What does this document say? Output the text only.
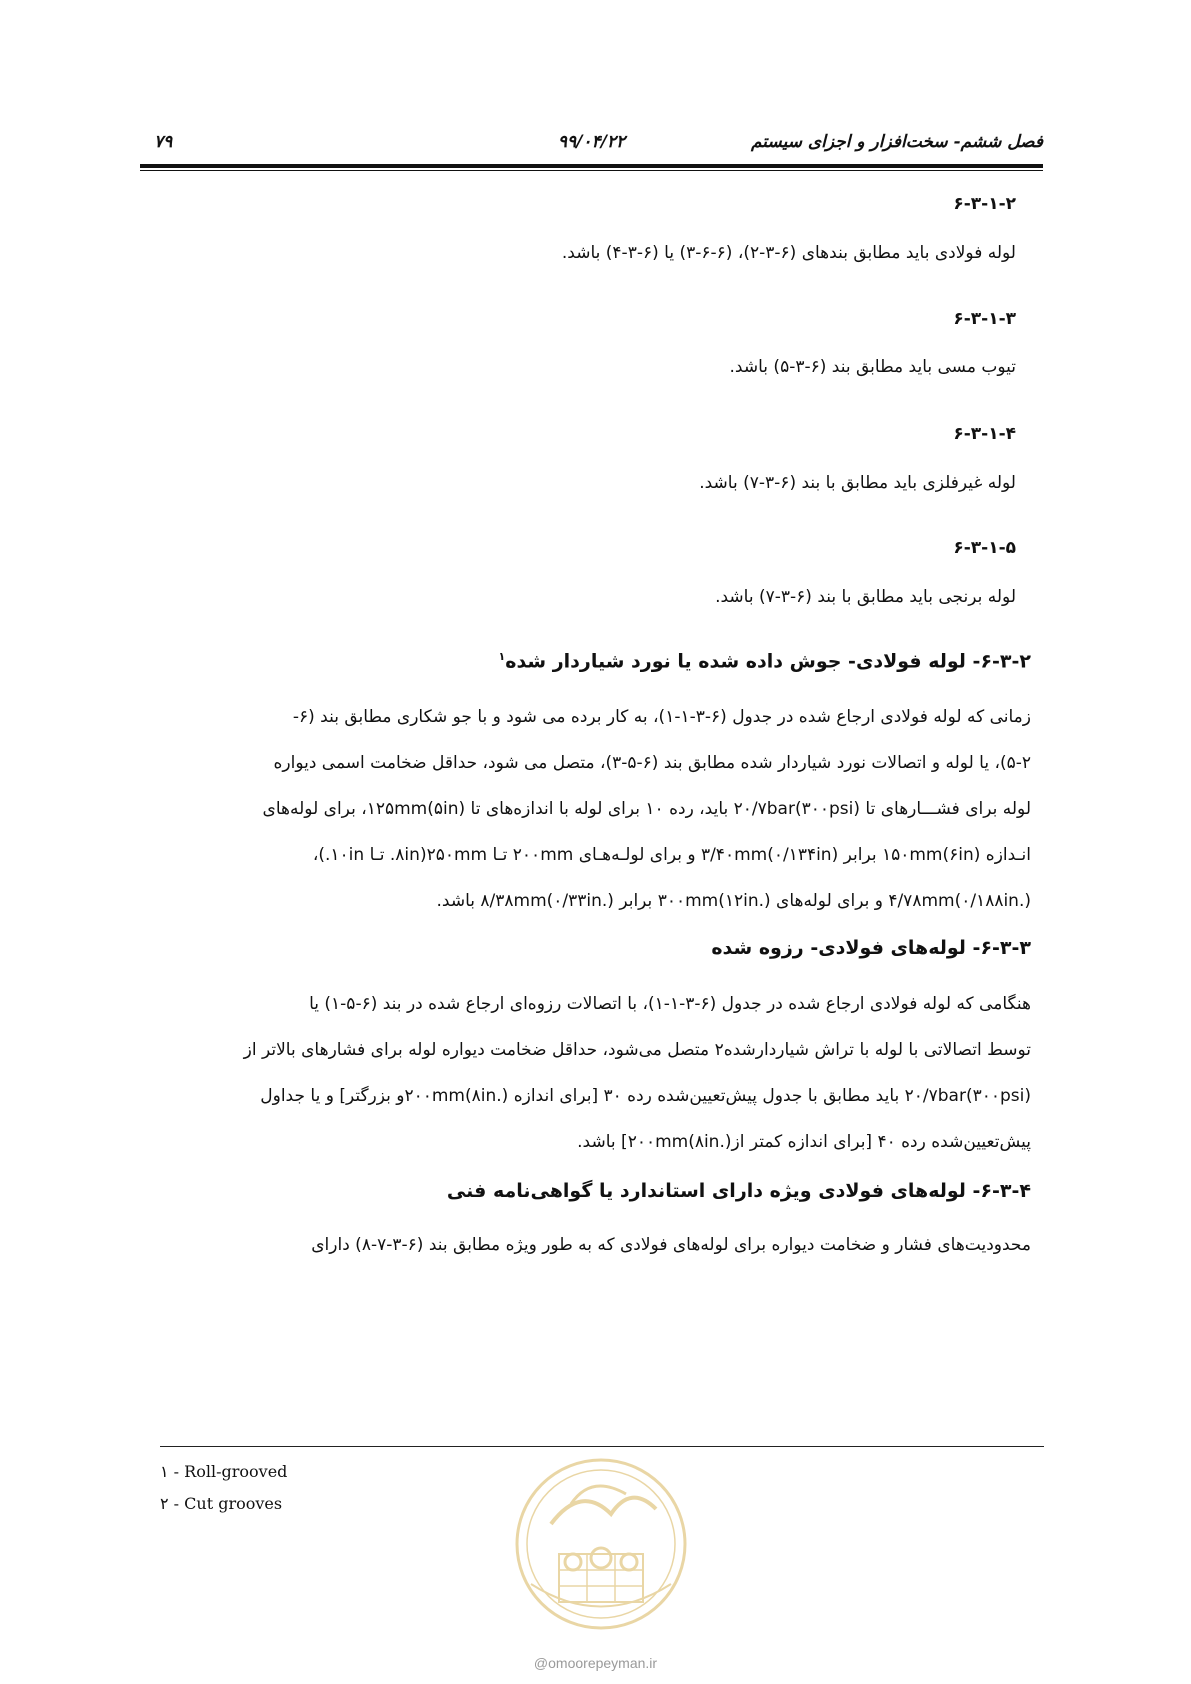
۷۹	۹۹/۰۴/۲۲	فصل ششم- سخت‌افزار و اجزای سیستم
۶-۳-۱-۲
لوله فولادی باید مطابق بندهای (۶-۳-۲)، (۶-۶-۳) یا (۶-۳-۴) باشد.
۶-۳-۱-۳
تیوب مسی باید مطابق بند (۶-۳-۵) باشد.
۶-۳-۱-۴
لوله غیرفلزی باید مطابق با بند (۶-۳-۷) باشد.
۶-۳-۱-۵
لوله برنجی باید مطابق با بند (۶-۳-۷) باشد.
۶-۳-۲- لوله فولادی- جوش داده شده یا نورد شیاردار شده$^۱$
زمانی که لوله فولادی ارجاع شده در جدول (۶-۳-۱-۱)، به کار برده می شود و با جو شکاری مطابق بند (۶-
۵-۲)، یا لوله و اتصالات نورد شیاردار شده مطابق بند (۶-۵-۳)، متصل می شود، حداقل ضخامت اسمی دیواره
لوله برای فشـــارهای تا ۲۰/۷bar(۳۰۰psi) باید، رده ۱۰ برای لوله با اندازه‌های تا ۱۲۵mm(۵in)، برای لوله‌های
انـدازه ۱۵۰mm(۶in) برابر ۳/۴۰mm(۰/۱۳۴in) و برای لولـه‌هـای ۲۰۰mm تـا ۲۵۰mm(۸in. تـا ۱۰in.)،
۴/۷۸mm(۰/۱۸۸in.) و برای لوله‌های ۳۰۰mm(۱۲in.) برابر ۸/۳۸mm(۰/۳۳in.) باشد.
۶-۳-۳- لوله‌های فولادی- رزوه شده
هنگامی که لوله فولادی ارجاع شده در جدول (۶-۳-۱-۱)، با اتصالات رزوه‌ای ارجاع شده در بند (۶-۵-۱) یا
توسط اتصالاتی با لوله با تراش شیاردارشده۲ متصل می‌شود، حداقل ضخامت دیواره لوله برای فشارهای بالاتر از
۲۰/۷bar(۳۰۰psi) باید مطابق با جدول پیش‌تعیین‌شده رده ۳۰ [برای اندازه ۲۰۰mm(۸in.)و بزرگتر] و یا جداول
پیش‌تعیین‌شده رده ۴۰ [برای اندازه کمتر از۲۰۰mm(۸in.)] باشد.
۶-۳-۴- لوله‌های فولادی ویژه دارای استاندارد یا گواهی‌نامه فنی
محدودیت‌های فشار و ضخامت دیواره برای لوله‌های فولادی که به طور ویژه مطابق بند (۶-۳-۷-۸) دارای
۱ - Roll-grooved
۲ - Cut grooves
@omoorepeyman.ir
